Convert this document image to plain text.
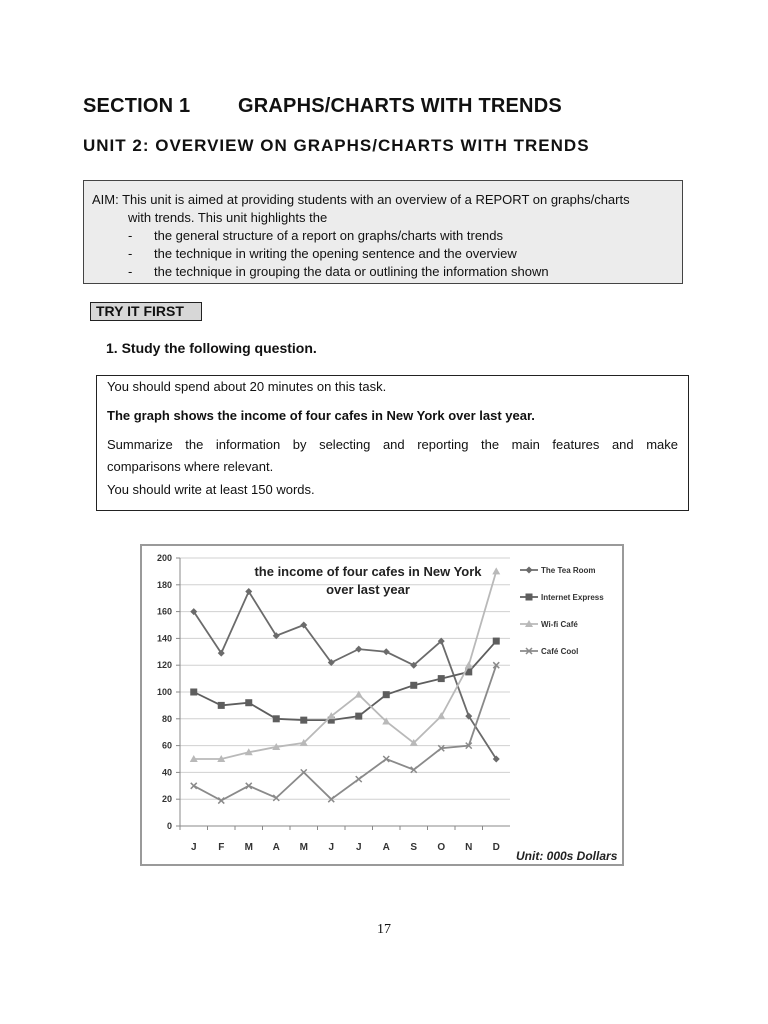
SECTION 1 GRAPHS/CHARTS WITH TRENDS
UNIT 2: OVERVIEW ON GRAPHS/CHARTS WITH TRENDS
AIM: This unit is aimed at providing students with an overview of a REPORT on graphs/charts
with trends. This unit highlights the
-	the general structure of a report on graphs/charts with trends
-	the technique in writing the opening sentence and the overview
-	the technique in grouping the data or outlining the information shown
TRY IT FIRST
1. Study the following question.

You should spend about 20 minutes on this task.

The graph shows the income of four cafes in New York over last year.

Summarize the information by selecting and reporting the main features and make

comparisons where relevant.

You should write at least 150 words.

0
20
40
60
80
100
120
140
160
180
200
J F M A M J J A S O N D
the income of four cafes in New York
over last year
The Tea Room
Internet Express
Wi-fi Café
Café Cool
Unit: 000s Dollars
17
